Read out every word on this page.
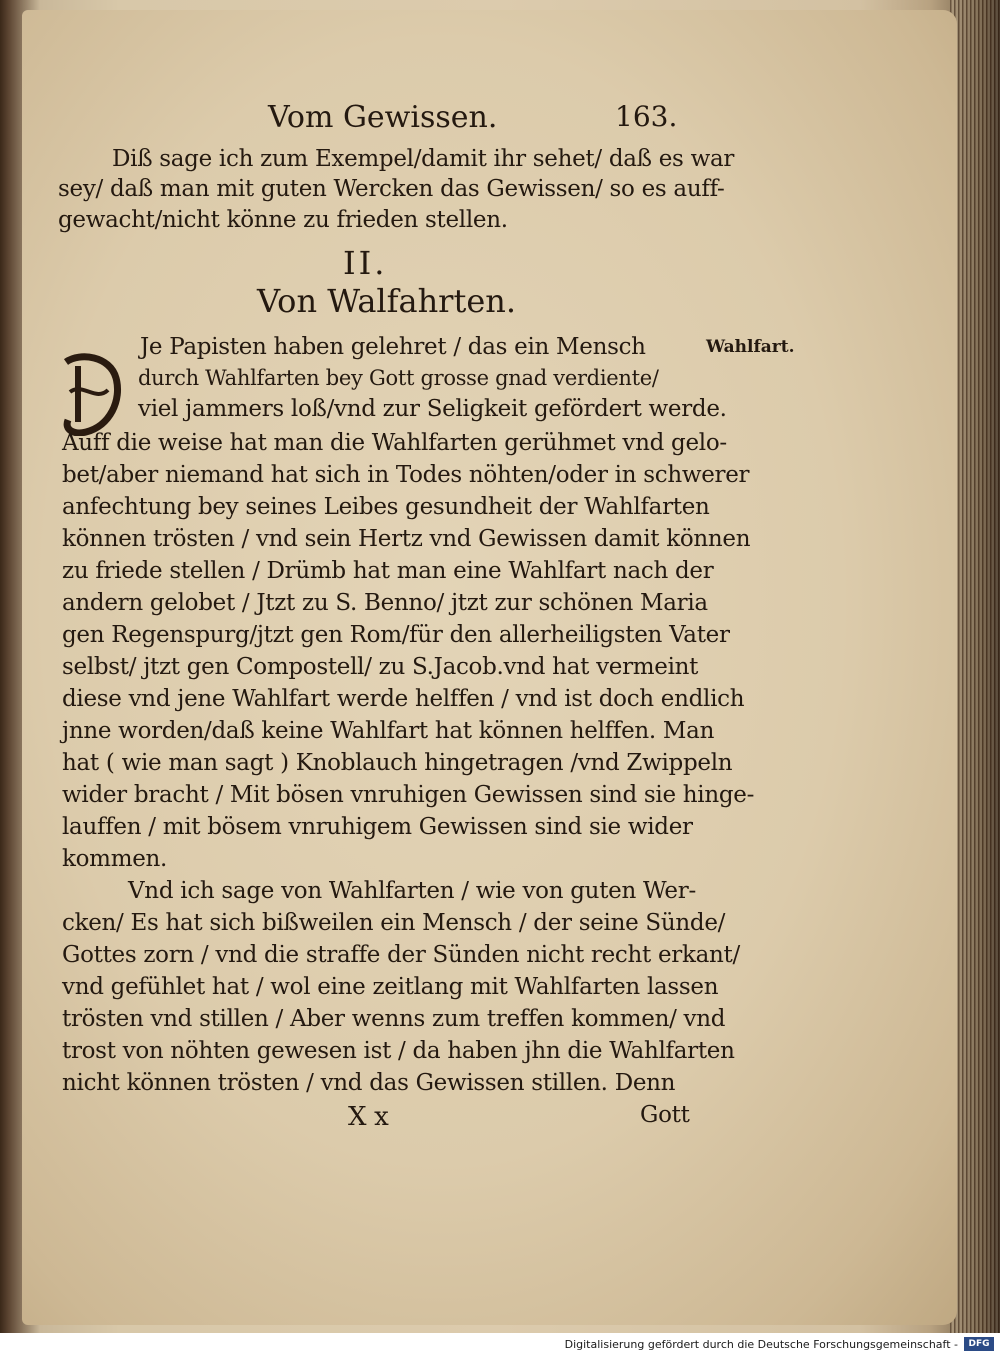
Vom Gewissen.	163.
Diß sage ich zum Exempel/damit ihr sehet/ daß es war
sey/ daß man mit guten Wercken das Gewissen/ so es auff-
gewacht/nicht könne zu frieden stellen.
II.
Von Walfahrten.
Wahlfart.
Je Papisten haben gelehret / das ein Mensch
durch Wahlfarten bey Gott grosse gnad verdiente/
viel jammers loß/vnd zur Seligkeit gefördert werde.
Auff die weise hat man die Wahlfarten gerühmet vnd gelo-
bet/aber niemand hat sich in Todes nöhten/oder in schwerer
anfechtung bey seines Leibes gesundheit der Wahlfarten
können trösten / vnd sein Hertz vnd Gewissen damit können
zu friede stellen / Drümb hat man eine Wahlfart nach der
andern gelobet / Jtzt zu S. Benno/ jtzt zur schönen Maria
gen Regenspurg/jtzt gen Rom/für den allerheiligsten Vater
selbst/ jtzt gen Compostell/ zu S.Jacob.vnd hat vermeint
diese vnd jene Wahlfart werde helffen / vnd ist doch endlich
jnne worden/daß keine Wahlfart hat können helffen. Man
hat ( wie man sagt ) Knoblauch hingetragen /vnd Zwippeln
wider bracht / Mit bösen vnruhigen Gewissen sind sie hinge-
lauffen / mit bösem vnruhigem Gewissen sind sie wider
kommen.
Vnd ich sage von Wahlfarten / wie von guten Wer-
cken/ Es hat sich bißweilen ein Mensch / der seine Sünde/
Gottes zorn / vnd die straffe der Sünden nicht recht erkant/
vnd gefühlet hat / wol eine zeitlang mit Wahlfarten lassen
trösten vnd stillen / Aber wenns zum treffen kommen/ vnd
trost von nöhten gewesen ist / da haben jhn die Wahlfarten
nicht können trösten / vnd das Gewissen stillen. Denn
X x	Gott
Digitalisierung gefördert durch die Deutsche Forschungsgemeinschaft -	DFG
